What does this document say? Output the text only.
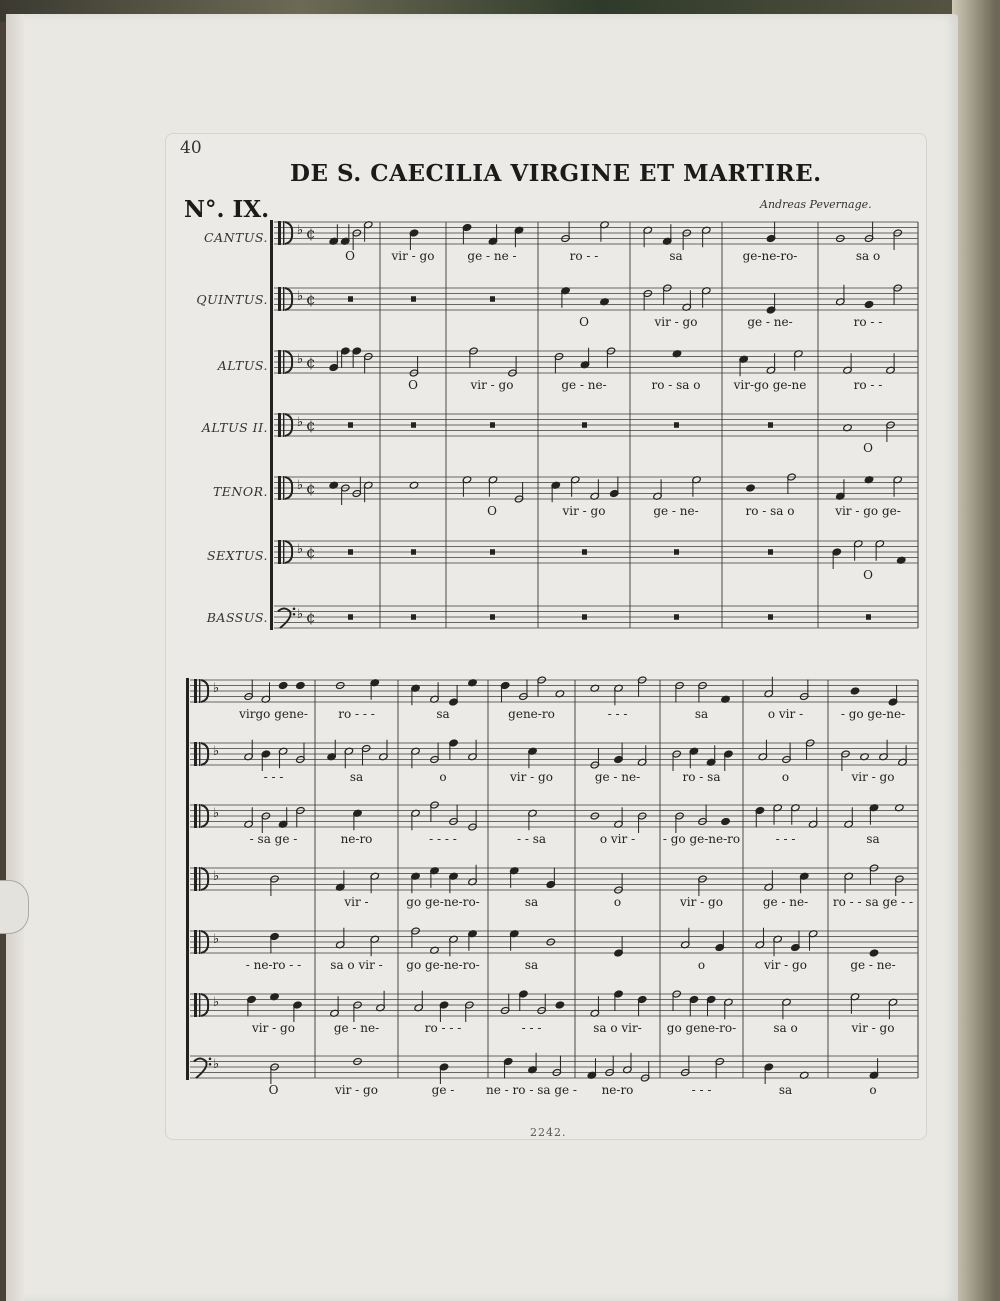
40
DE S. CAECILIA VIRGINE ET MARTIRE.
N°. IX.	Andreas Pevernage.
CANTUS.
QUINTUS.
ALTUS.
ALTUS II.
TENOR.
SEXTUS.
BASSUS.
♭ ¢
♭ ¢
♭ ¢
♭ ¢
♭ ¢
♭ ¢
♭ ¢
O	vir - go	ge - ne -	ro - -	sa	ge-ne-ro-	sa o
O	vir - go	ge - ne-	ro - -
O	vir - go	ge - ne-	ro - sa o	vir-go ge-ne	ro - -
O
O	vir - go	ge - ne-	ro - sa o	vir - go ge-
O
♭
♭
♭
♭
♭
♭
♭
virgo gene-	ro - - -	sa	gene-ro	- - -	sa	o vir -	- go ge-ne-
- - -	sa	o	vir - go	ge - ne-	ro - sa	o	vir - go
- sa ge -	ne-ro	- - - -	- - sa	o vir - - go ge-ne-ro	- - -	sa
vir -	go ge-ne-ro-	sa	o	vir - go	ge - ne- ro - - sa ge - -
- ne-ro - - sa o vir - go ge-ne-ro-	sa	o	vir - go	ge - ne-
vir - go	ge - ne-	ro - - -	- - -	sa o vir- go gene-ro-	sa o	vir - go
O	vir - go	ge -	ne - ro - sa ge - ne-ro	- - -	sa	o
2242.
